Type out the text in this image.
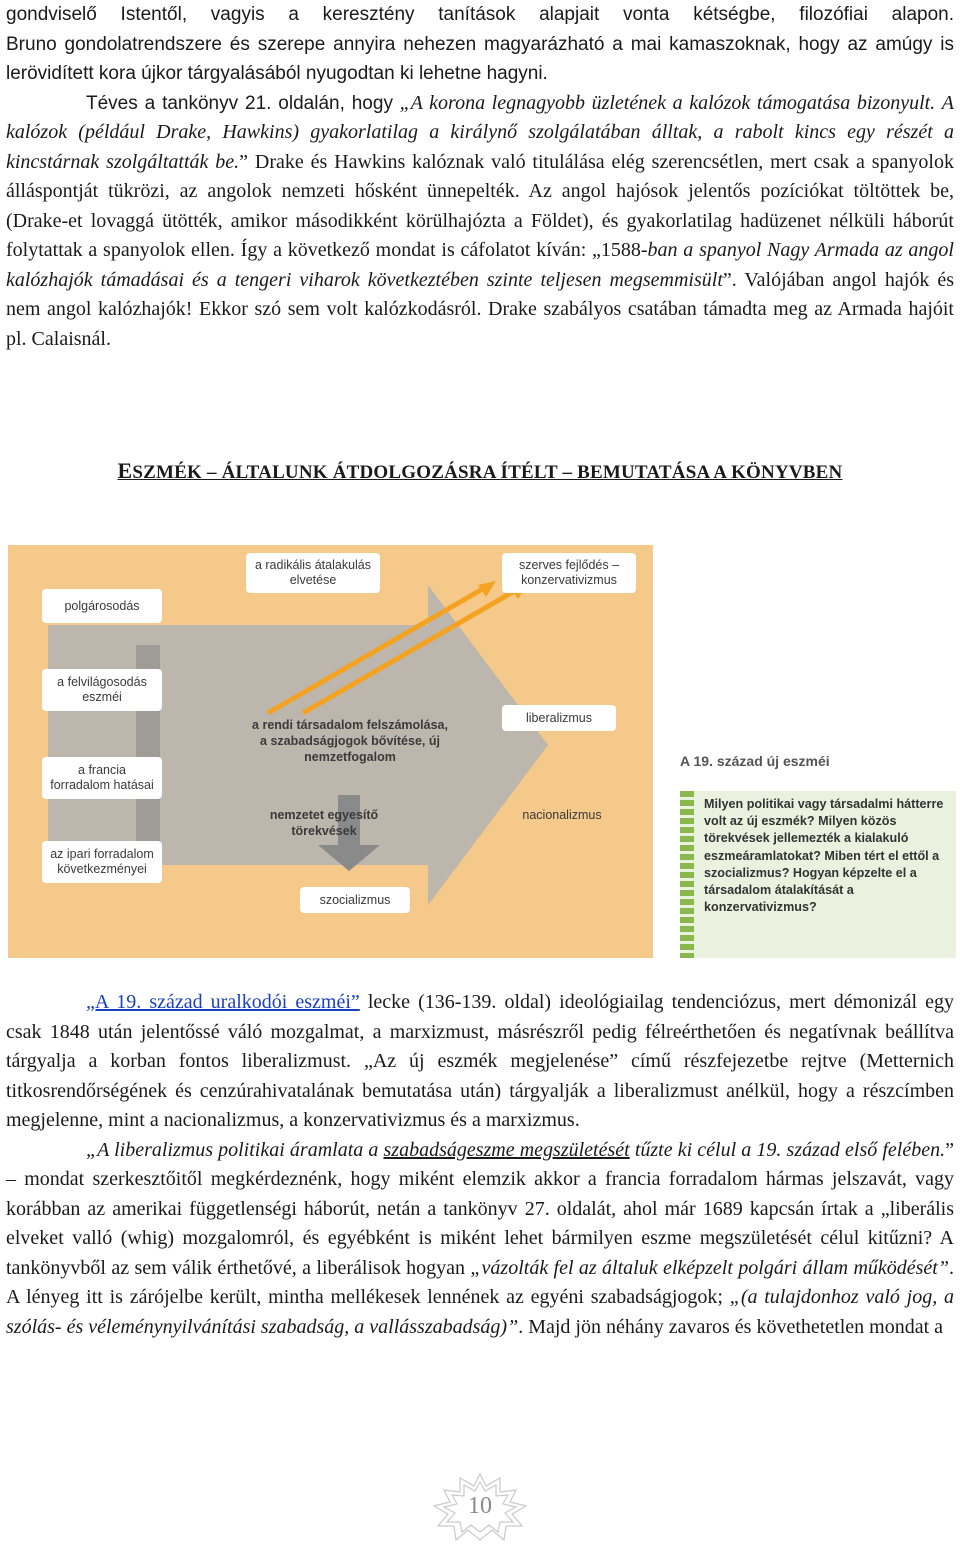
gondviselő Istentől, vagyis a keresztény tanítások alapjait vonta kétségbe, filozófiai alapon.

Bruno gondolatrendszere és szerepe annyira nehezen magyarázható a mai kamaszoknak, hogy az amúgy is lerövidített kora újkor tárgyalásából nyugodtan ki lehetne hagyni.

Téves a tankönyv 21. oldalán, hogy „A korona legnagyobb üzletének a kalózok támogatása bizonyult. A kalózok (például Drake, Hawkins) gyakorlatilag a királynő szolgálatában álltak, a rabolt kincs egy részét a kincstárnak szolgáltatták be.” Drake és Hawkins kalóznak való titulálása elég szerencsétlen, mert csak a spanyolok álláspontját tükrözi, az angolok nemzeti hősként ünnepelték. Az angol hajósok jelentős pozíciókat töltöttek be, (Drake-et lovaggá ütötték, amikor másodikként körülhajózta a Földet), és gyakorlatilag hadüzenet nélküli háborút folytattak a spanyolok ellen. Így a következő mondat is cáfolatot kíván: „1588-ban a spanyol Nagy Armada az angol kalózhajók támadásai és a tengeri viharok következtében szinte teljesen megsemmisült”. Valójában angol hajók és nem angol kalózhajók! Ekkor szó sem volt kalózkodásról. Drake szabályos csatában támadta meg az Armada hajóit pl. Calaisnál.

ESZMÉK – ÁLTALUNK ÁTDOLGOZÁSRA ÍTÉLT – BEMUTATÁSA A KÖNYVBEN
polgárosodás
a felvilágosodás eszméi
a francia forradalom hatásai
az ipari forradalom következményei
a radikális átalakulás elvetése
szerves fejlődés – konzervativizmus
a rendi társadalom felszámolása, a szabadságjogok bővítése, új nemzetfogalom
liberalizmus
nemzetet egyesítő törekvések
nacionalizmus
szocializmus
A 19. század új eszméi
Milyen politikai vagy társadalmi hátterre volt az új eszmék? Milyen közös törekvések jellemezték a kialakuló eszmeáramlatokat? Miben tért el ettől a szocializmus? Hogyan képzelte el a társadalom átalakítását a konzervativizmus?

„A 19. század uralkodói eszméi” lecke (136-139. oldal) ideológiailag tendenciózus, mert démonizál egy csak 1848 után jelentőssé váló mozgalmat, a marxizmust, másrészről pedig félreérthetően és negatívnak beállítva tárgyalja a korban fontos liberalizmust. „Az új eszmék megjelenése” című részfejezetbe rejtve (Metternich titkosrendőrségének és cenzúrahivatalának bemutatása után) tárgyalják a liberalizmust anélkül, hogy a részcímben megjelenne, mint a nacionalizmus, a konzervativizmus és a marxizmus.

„A liberalizmus politikai áramlata a szabadságeszme megszületését tűzte ki célul a 19. század első felében.” – mondat szerkesztőitől megkérdeznénk, hogy miként elemzik akkor a francia forradalom hármas jelszavát, vagy korábban az amerikai függetlenségi háborút, netán a tankönyv 27. oldalát, ahol már 1689 kapcsán írtak a „liberális elveket valló (whig) mozgalomról, és egyébként is miként lehet bármilyen eszme megszületését célul kitűzni? A tankönyvből az sem válik érthetővé, a liberálisok hogyan „vázolták fel az általuk elképzelt polgári állam működését”. A lényeg itt is zárójelbe került, mintha mellékesek lennének az egyéni szabadságjogok; „(a tulajdonhoz való jog, a szólás- és véleménynyilvánítási szabadság, a vallásszabadság)”. Majd jön néhány zavaros és követhetetlen mondat a

10
